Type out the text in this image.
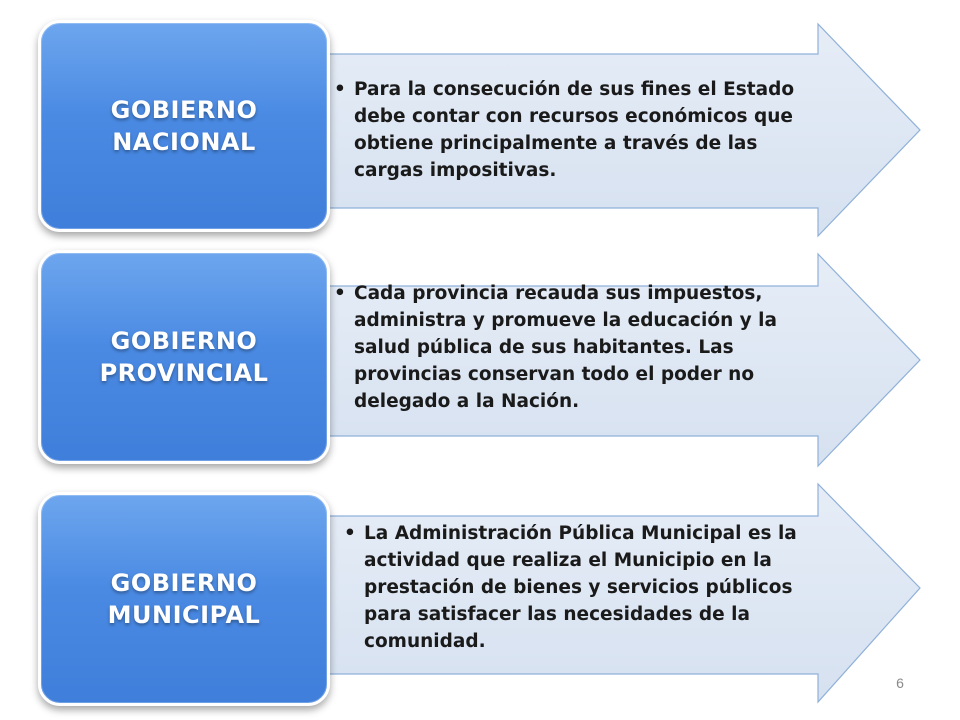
GOBIERNO
NACIONAL

• Para la consecución de sus fines el Estado debe contar con recursos económicos que obtiene principalmente a través de las cargas impositivas.

GOBIERNO
PROVINCIAL

• Cada provincia recauda sus impuestos, administra y promueve la educación y la salud pública de sus habitantes. Las provincias conservan todo el poder no delegado a la Nación.

GOBIERNO
MUNICIPAL

• La Administración Pública Municipal es la actividad que realiza el Municipio en la prestación de bienes y servicios públicos para satisfacer las necesidades de la comunidad.
6
